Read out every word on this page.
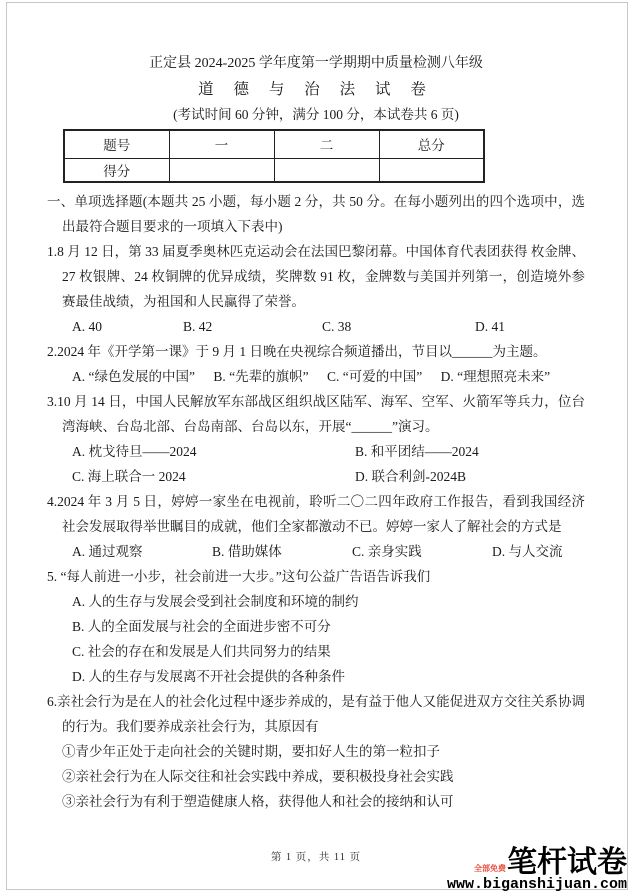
正定县 2024-2025 学年度第一学期期中质量检测八年级
道 德 与 治 法 试 卷

(考试时间 60 分钟，满分 100 分，本试卷共 6 页)

题号	一	二	总分
得分			

一、单项选择题(本题共 25 小题，每小题 2 分，共 50 分。在每小题列出的四个选项中，选出最符合题目要求的一项填入下表中)

1.8 月 12 日，第 33 届夏季奥林匹克运动会在法国巴黎闭幕。中国体育代表团获得 枚金牌、27 枚银牌、24 枚铜牌的优异成绩，奖牌数 91 枚，金牌数与美国并列第一，创造境外参赛最佳战绩，为祖国和人民赢得了荣誉。

A. 40	B. 42	C. 38	D. 41

2.2024 年《开学第一课》于 9 月 1 日晚在央视综合频道播出，节目以______为主题。

A. “绿色发展的中国” B. “先辈的旗帜” C. “可爱的中国” D. “理想照亮未来”

3.10 月 14 日，中国人民解放军东部战区组织战区陆军、海军、空军、火箭军等兵力，位台湾海峡、台岛北部、台岛南部、台岛以东，开展“______”演习。

A. 枕戈待旦——2024	B. 和平团结——2024
C. 海上联合一 2024	D. 联合利剑-2024B

4.2024 年 3 月 5 日，婷婷一家坐在电视前，聆听二〇二四年政府工作报告，看到我国经济社会发展取得举世瞩目的成就，他们全家都激动不已。婷婷一家人了解社会的方式是

A. 通过观察	B. 借助媒体	C. 亲身实践	D. 与人交流

5. “每人前进一小步，社会前进一大步。”这句公益广告语告诉我们

A. 人的生存与发展会受到社会制度和环境的制约
B. 人的全面发展与社会的全面进步密不可分
C. 社会的存在和发展是人们共同努力的结果
D. 人的生存与发展离不开社会提供的各种条件

6.亲社会行为是在人的社会化过程中逐步养成的，是有益于他人又能促进双方交往关系协调的行为。我们要养成亲社会行为，其原因有

①青少年正处于走向社会的关键时期，要扣好人生的第一粒扣子
②亲社会行为在人际交往和社会实践中养成，要积极投身社会实践
③亲社会行为有利于塑造健康人格，获得他人和社会的接纳和认可
第 1 页，共 11 页
全部免费 笔杆试卷
www.biganshijuan.com
